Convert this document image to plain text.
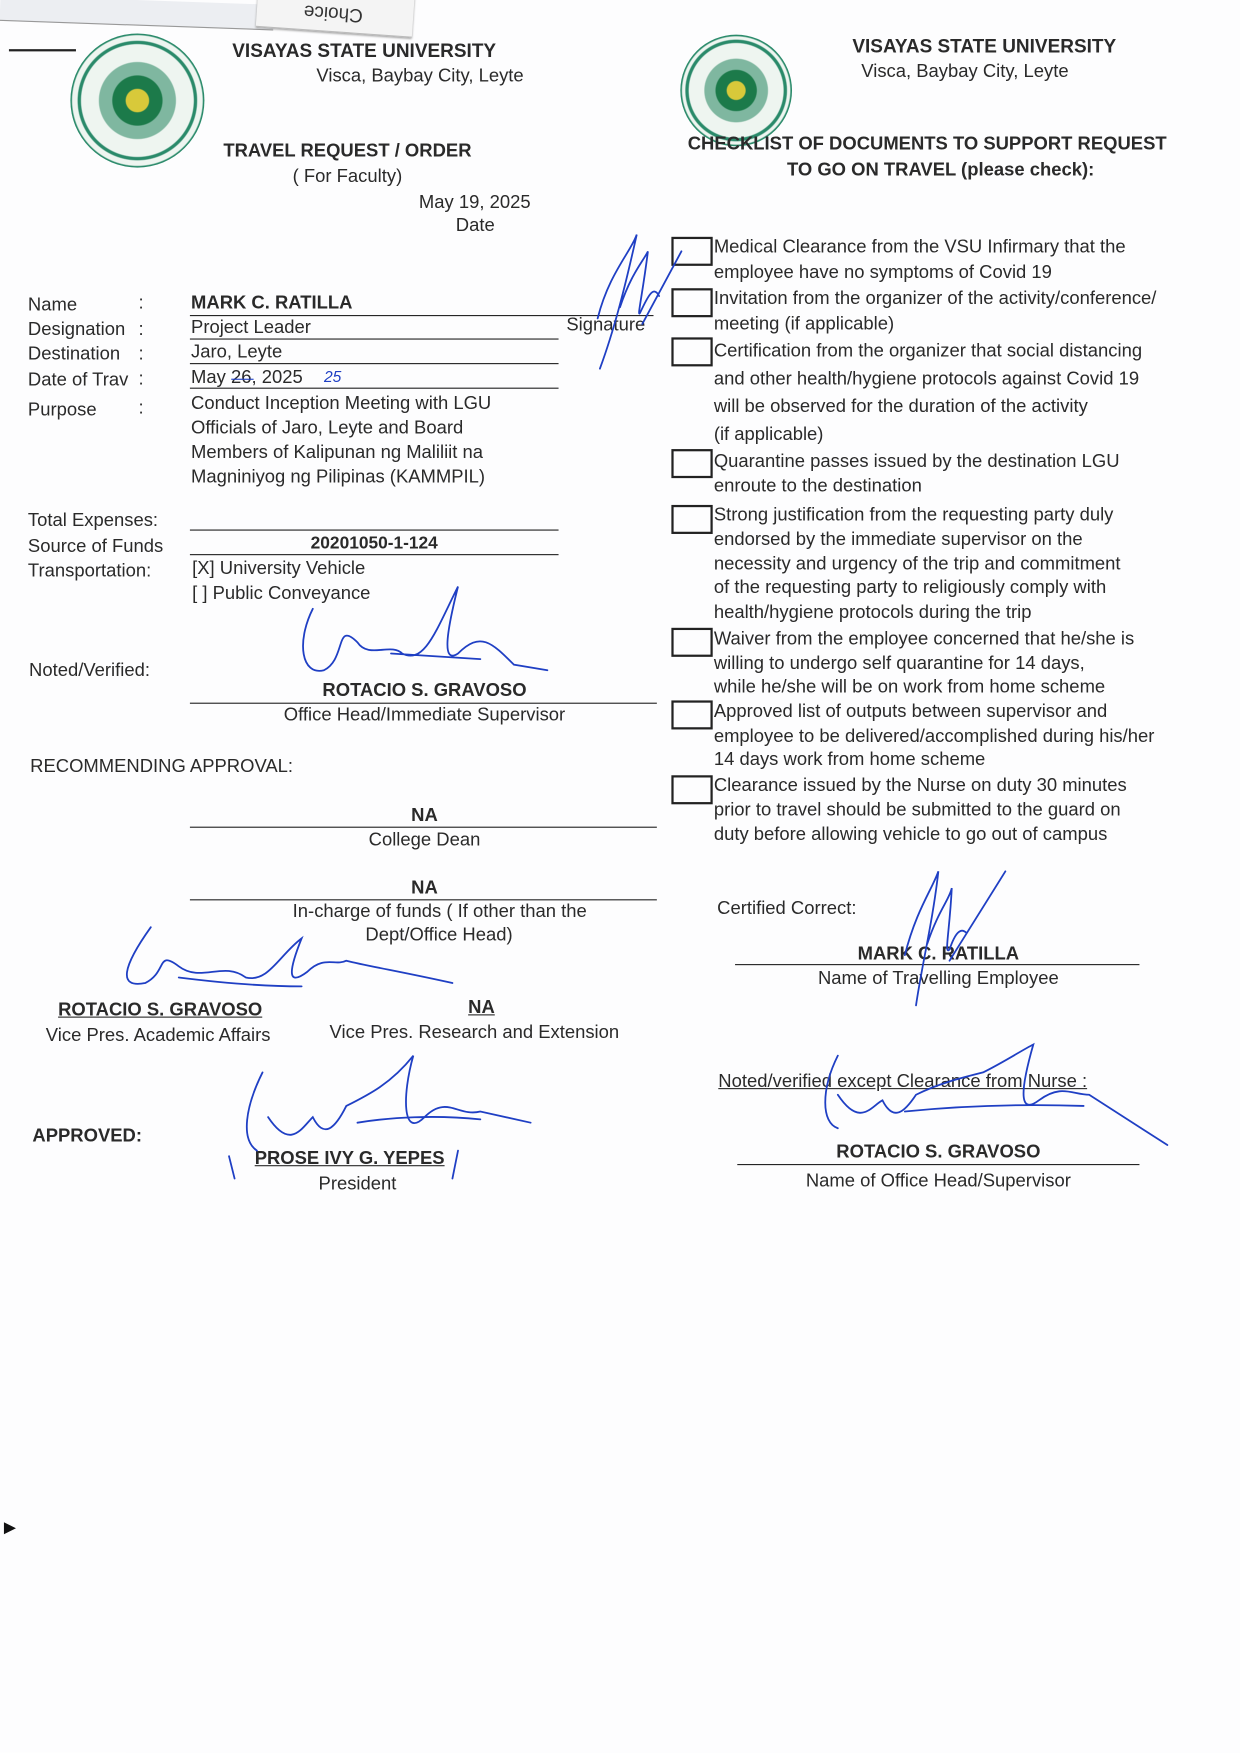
VISAYAS STATE UNIVERSITY
Visca, Baybay City, Leyte
Choice
VISAYAS STATE UNIVERSITY
Visca, Baybay City, Leyte
TRAVEL REQUEST / ORDER
( For Faculty)
May 19, 2025
Date
Name	:	MARK C. RATILLA
Designation :	Project Leader	Signature
Destination :	Jaro, Leyte
Date of Trav :	May 26, 2025 25
Purpose	:	Conduct Inception Meeting with LGU
Officials of Jaro, Leyte and Board
Members of Kalipunan ng Maliliit na
Magniniyog ng Pilipinas (KAMMPIL)
Total Expenses:
Source of Funds	20201050-1-124
Transportation: [X] University Vehicle
[ ] Public Conveyance
Noted/Verified:
ROTACIO S. GRAVOSO
Office Head/Immediate Supervisor
RECOMMENDING APPROVAL:
NA
College Dean
NA
In-charge of funds ( If other than the
Dept/Office Head)
ROTACIO S. GRAVOSO
Vice Pres. Academic Affairs
NA
Vice Pres. Research and Extension
APPROVED:
PROSE IVY G. YEPES
President
CHECKLIST OF DOCUMENTS TO SUPPORT REQUEST
TO GO ON TRAVEL (please check):
Medical Clearance from the VSU Infirmary that the
employee have no symptoms of Covid 19
Invitation from the organizer of the activity/conference/
meeting (if applicable)
Certification from the organizer that social distancing
and other health/hygiene protocols against Covid 19
will be observed for the duration of the activity
(if applicable)
Quarantine passes issued by the destination LGU
enroute to the destination
Strong justification from the requesting party duly
endorsed by the immediate supervisor on the
necessity and urgency of the trip and commitment
of the requesting party to religiously comply with
health/hygiene protocols during the trip
Waiver from the employee concerned that he/she is
willing to undergo self quarantine for 14 days,
while he/she will be on work from home scheme
Approved list of outputs between supervisor and
employee to be delivered/accomplished during his/her
14 days work from home scheme
Clearance issued by the Nurse on duty 30 minutes
prior to travel should be submitted to the guard on
duty before allowing vehicle to go out of campus
Certified Correct:
MARK C. RATILLA
Name of Travelling Employee
Noted/verified except Clearance from Nurse :
ROTACIO S. GRAVOSO
Name of Office Head/Supervisor
►
